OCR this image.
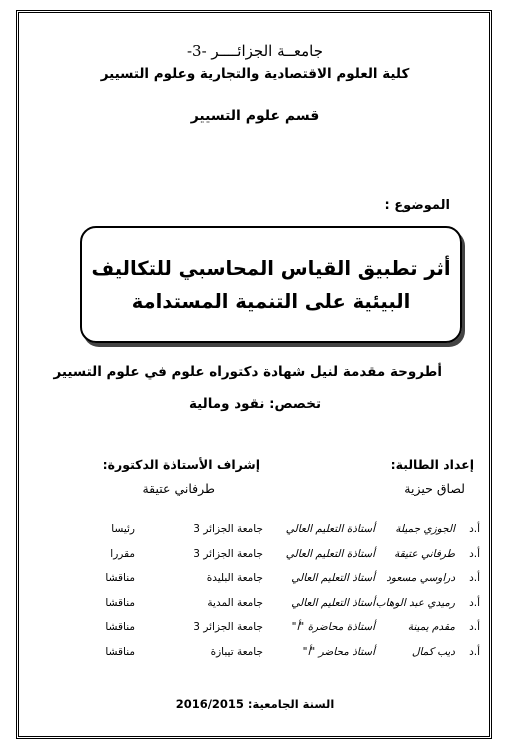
جامعــة الجزائــــر -3-
كلية العلوم الاقتصادية والتجارية وعلوم التسيير
قسم علوم التسيير
الموضوع :
أثر تطبيق القياس المحاسبي للتكاليف
البيئية على التنمية المستدامة
أطروحة مقدمة لنيل شهادة دكتوراه علوم في علوم التسيير
تخصص: نقود ومالية
إعداد الطالبة:
لصاق حيزية
إشراف الأستاذة الدكتورة:
طرفاني عتيقة
أ.د
الجوزي جميلة
أستاذة التعليم العالي
جامعة الجزائر 3
رئيسا
أ.د
طرفاني عتيقة
أستاذة التعليم العالي
جامعة الجزائر 3
مقررا
أ.د
دراوسي مسعود
أستاذ التعليم العالي
جامعة البليدة
مناقشا
أ.د
رميدي عبد الوهاب
أستاذ التعليم العالي
جامعة المدية
مناقشا
أ.د
مقدم يمينة
أستاذة محاضرة "أ"
جامعة الجزائر 3
مناقشا
أ.د
ديب كمال
أستاذ محاضر "أ"
جامعة تيبازة
مناقشا
السنة الجامعية: 2016/2015
